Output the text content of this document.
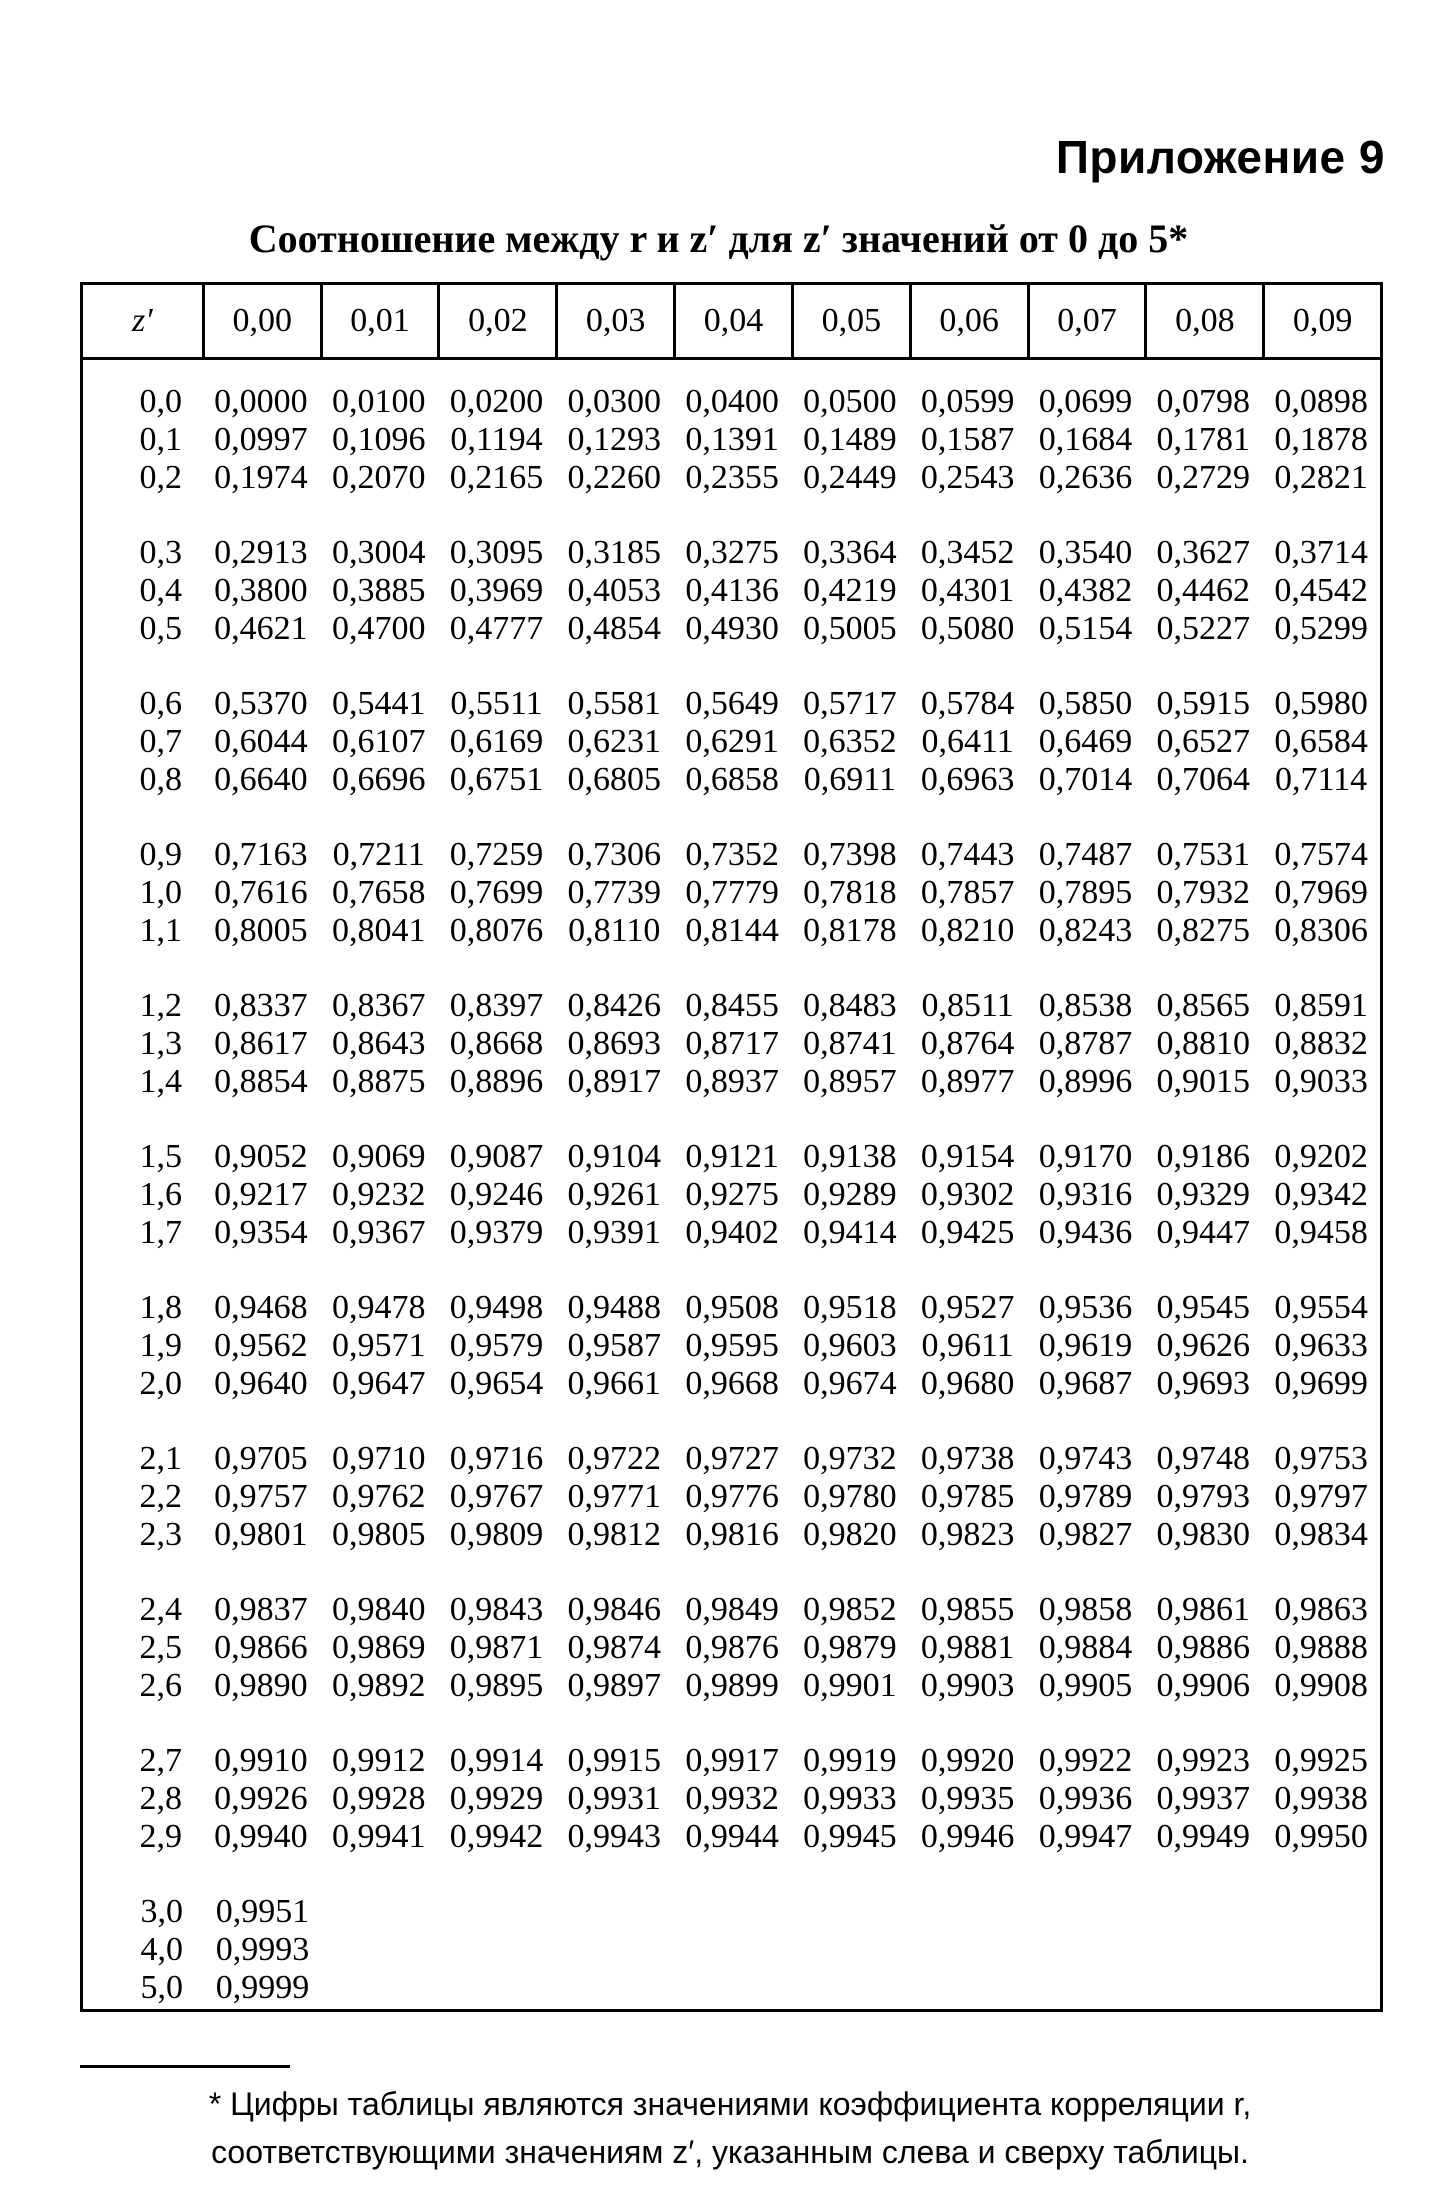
Приложение 9
Соотношение между r и z′ для z′ значений от 0 до 5*
z′	0,00	0,01	0,02	0,03	0,04	0,05	0,06	0,07	0,08	0,09
0,0 0,0000 0,0100 0,0200 0,0300 0,0400 0,0500 0,0599 0,0699 0,0798 0,0898
0,1 0,0997 0,1096 0,1194 0,1293 0,1391 0,1489 0,1587 0,1684 0,1781 0,1878
0,2 0,1974 0,2070 0,2165 0,2260 0,2355 0,2449 0,2543 0,2636 0,2729 0,2821
0,3 0,2913 0,3004 0,3095 0,3185 0,3275 0,3364 0,3452 0,3540 0,3627 0,3714
0,4 0,3800 0,3885 0,3969 0,4053 0,4136 0,4219 0,4301 0,4382 0,4462 0,4542
0,5 0,4621 0,4700 0,4777 0,4854 0,4930 0,5005 0,5080 0,5154 0,5227 0,5299
0,6 0,5370 0,5441 0,5511 0,5581 0,5649 0,5717 0,5784 0,5850 0,5915 0,5980
0,7 0,6044 0,6107 0,6169 0,6231 0,6291 0,6352 0,6411 0,6469 0,6527 0,6584
0,8 0,6640 0,6696 0,6751 0,6805 0,6858 0,6911 0,6963 0,7014 0,7064 0,7114
0,9 0,7163 0,7211 0,7259 0,7306 0,7352 0,7398 0,7443 0,7487 0,7531 0,7574
1,0 0,7616 0,7658 0,7699 0,7739 0,7779 0,7818 0,7857 0,7895 0,7932 0,7969
1,1 0,8005 0,8041 0,8076 0,8110 0,8144 0,8178 0,8210 0,8243 0,8275 0,8306
1,2 0,8337 0,8367 0,8397 0,8426 0,8455 0,8483 0,8511 0,8538 0,8565 0,8591
1,3 0,8617 0,8643 0,8668 0,8693 0,8717 0,8741 0,8764 0,8787 0,8810 0,8832
1,4 0,8854 0,8875 0,8896 0,8917 0,8937 0,8957 0,8977 0,8996 0,9015 0,9033
1,5 0,9052 0,9069 0,9087 0,9104 0,9121 0,9138 0,9154 0,9170 0,9186 0,9202
1,6 0,9217 0,9232 0,9246 0,9261 0,9275 0,9289 0,9302 0,9316 0,9329 0,9342
1,7 0,9354 0,9367 0,9379 0,9391 0,9402 0,9414 0,9425 0,9436 0,9447 0,9458
1,8 0,9468 0,9478 0,9498 0,9488 0,9508 0,9518 0,9527 0,9536 0,9545 0,9554
1,9 0,9562 0,9571 0,9579 0,9587 0,9595 0,9603 0,9611 0,9619 0,9626 0,9633
2,0 0,9640 0,9647 0,9654 0,9661 0,9668 0,9674 0,9680 0,9687 0,9693 0,9699
2,1 0,9705 0,9710 0,9716 0,9722 0,9727 0,9732 0,9738 0,9743 0,9748 0,9753
2,2 0,9757 0,9762 0,9767 0,9771 0,9776 0,9780 0,9785 0,9789 0,9793 0,9797
2,3 0,9801 0,9805 0,9809 0,9812 0,9816 0,9820 0,9823 0,9827 0,9830 0,9834
2,4 0,9837 0,9840 0,9843 0,9846 0,9849 0,9852 0,9855 0,9858 0,9861 0,9863
2,5 0,9866 0,9869 0,9871 0,9874 0,9876 0,9879 0,9881 0,9884 0,9886 0,9888
2,6 0,9890 0,9892 0,9895 0,9897 0,9899 0,9901 0,9903 0,9905 0,9906 0,9908
2,7 0,9910 0,9912 0,9914 0,9915 0,9917 0,9919 0,9920 0,9922 0,9923 0,9925
2,8 0,9926 0,9928 0,9929 0,9931 0,9932 0,9933 0,9935 0,9936 0,9937 0,9938
2,9 0,9940 0,9941 0,9942 0,9943 0,9944 0,9945 0,9946 0,9947 0,9949 0,9950
3,0 0,9951
4,0 0,9993
5,0 0,9999
* Цифры таблицы являются значениями коэффициента корреляции r,
соответствующими значениям z′, указанным слева и сверху таблицы.
